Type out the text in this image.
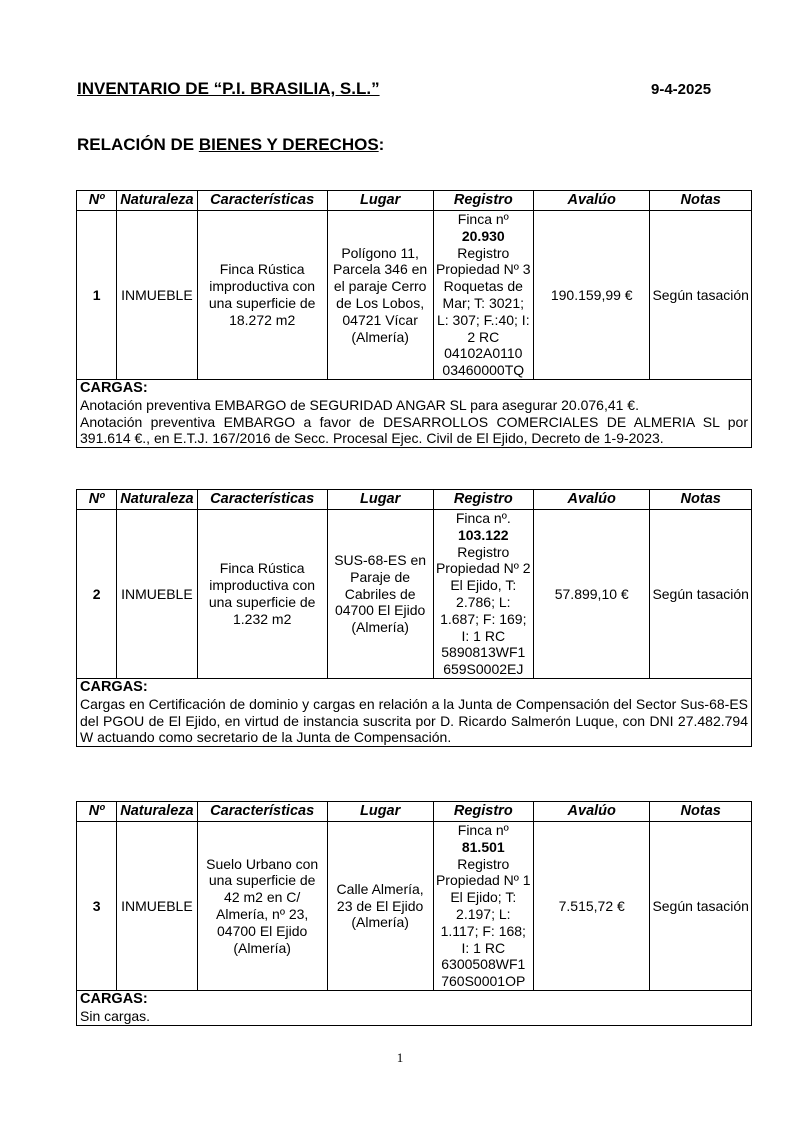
INVENTARIO DE “P.I. BRASILIA, S.L.”	9-4-2025
RELACIÓN DE BIENES Y DERECHOS:
Nº	Naturaleza	Características	Lugar	Registro	Avalúo	Notas
1	INMUEBLE	Finca Rústica improductiva con una superficie de 18.272 m2	Polígono 11, Parcela 346 en el paraje Cerro de Los Lobos, 04721 Vícar (Almería)	Finca nº
20.930
Registro Propiedad Nº 3 Roquetas de Mar; T: 3021; L: 307; F.:40; I: 2 RC 04102A0110 03460000TQ	190.159,99 €	Según tasación

CARGAS:
Anotación preventiva EMBARGO de SEGURIDAD ANGAR SL para asegurar 20.076,41 €.
Anotación preventiva EMBARGO a favor de DESARROLLOS COMERCIALES DE ALMERIA SL por 391.614 €., en E.T.J. 167/2016 de Secc. Procesal Ejec. Civil de El Ejido, Decreto de 1-9-2023.						
Nº	Naturaleza	Características	Lugar	Registro	Avalúo	Notas
2	INMUEBLE	Finca Rústica improductiva con una superficie de 1.232 m2	SUS-68-ES en Paraje de Cabriles de 04700 El Ejido (Almería)	Finca nº.
103.122
Registro Propiedad Nº 2 El Ejido, T: 2.786; L: 1.687; F: 169; I: 1 RC 5890813WF1 659S0002EJ	57.899,10 €	Según tasación

CARGAS:
Cargas en Certificación de dominio y cargas en relación a la Junta de Compensación del Sector Sus-68-ES del PGOU de El Ejido, en virtud de instancia suscrita por D. Ricardo Salmerón Luque, con DNI 27.482.794 W actuando como secretario de la Junta de Compensación.						
Nº	Naturaleza	Características	Lugar	Registro	Avalúo	Notas
3	INMUEBLE	Suelo Urbano con una superficie de 42 m2 en C/ Almería, nº 23, 04700 El Ejido (Almería)	Calle Almería, 23 de El Ejido (Almería)	Finca nº
81.501
Registro Propiedad Nº 1 El Ejido; T: 2.197; L: 1.117; F: 168; I: 1 RC 6300508WF1 760S0001OP	7.515,72 €	Según tasación

CARGAS:
Sin cargas.						
1
